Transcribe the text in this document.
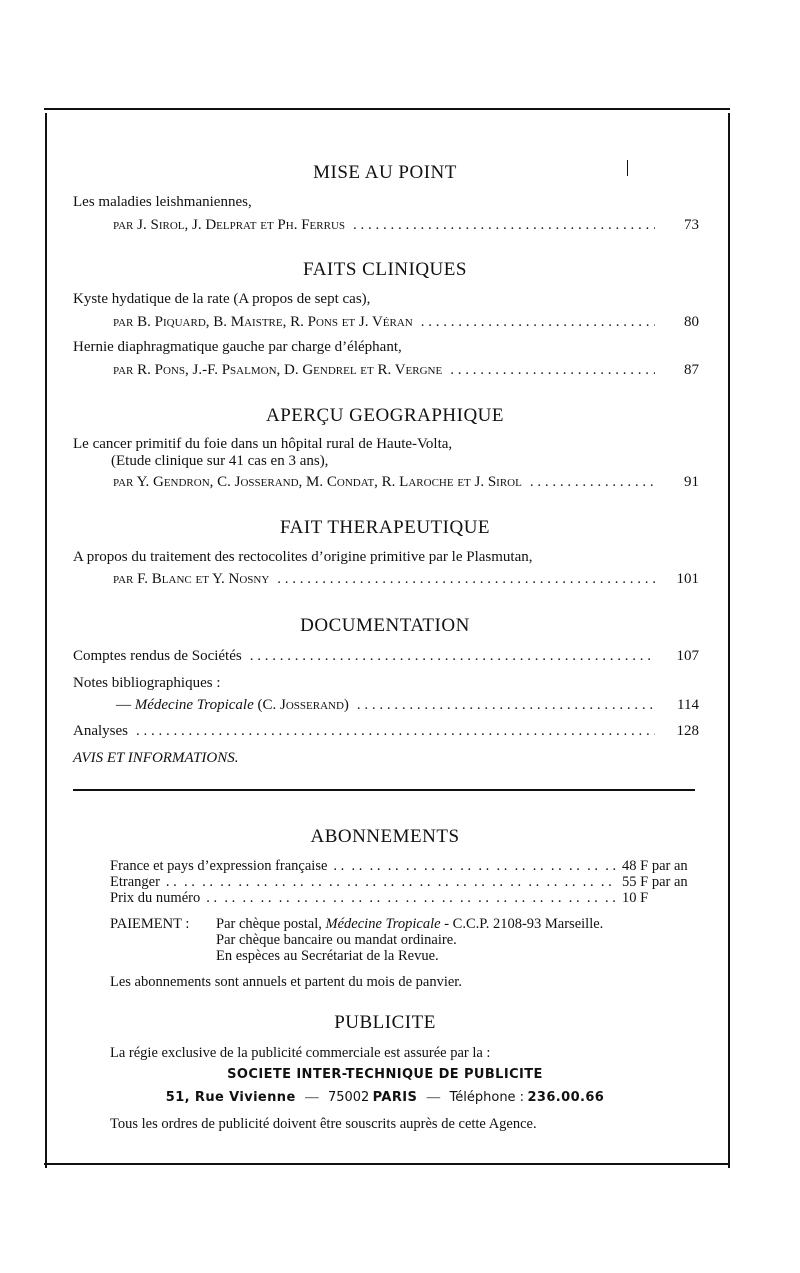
MISE AU POINT
Les maladies leishmaniennes,
par J. Sirol, J. Delprat et Ph. Ferrus . . .	73
FAITS CLINIQUES
Kyste hydatique de la rate (A propos de sept cas),
par B. Piquard, B. Maistre, R. Pons et J. Véran . . .	80
Hernie diaphragmatique gauche par charge d’éléphant,
par R. Pons, J.-F. Psalmon, D. Gendrel et R. Vergne . . .	87
APERÇU GEOGRAPHIQUE
Le cancer primitif du foie dans un hôpital rural de Haute-Volta,
(Etude clinique sur 41 cas en 3 ans),
par Y. Gendron, C. Josserand, M. Condat, R. Laroche et J. Sirol . . .	91
FAIT THERAPEUTIQUE
A propos du traitement des rectocolites d’origine primitive par le Plasmutan,
par F. Blanc et Y. Nosny . . .	101
DOCUMENTATION
Comptes rendus de Sociétés . . .	107
Notes bibliographiques :
— Médecine Tropicale (C. Josserand) . . .	114
Analyses . . .	128
AVIS ET INFORMATIONS.
ABONNEMENTS
France et pays d’expression française . .	48 F par an
Etranger . .	55 F par an
Prix du numéro . .	10 F
PAIEMENT : Par chèque postal, Médecine Tropicale - C.C.P. 2108-93 Marseille.
Par chèque bancaire ou mandat ordinaire.
En espèces au Secrétariat de la Revue.
Les abonnements sont annuels et partent du mois de panvier.
PUBLICITE
La régie exclusive de la publicité commerciale est assurée par la :
SOCIETE INTER-TECHNIQUE DE PUBLICITE
51, Rue Vivienne — 75002 PARIS — Téléphone : 236.00.66
Tous les ordres de publicité doivent être souscrits auprès de cette Agence.
